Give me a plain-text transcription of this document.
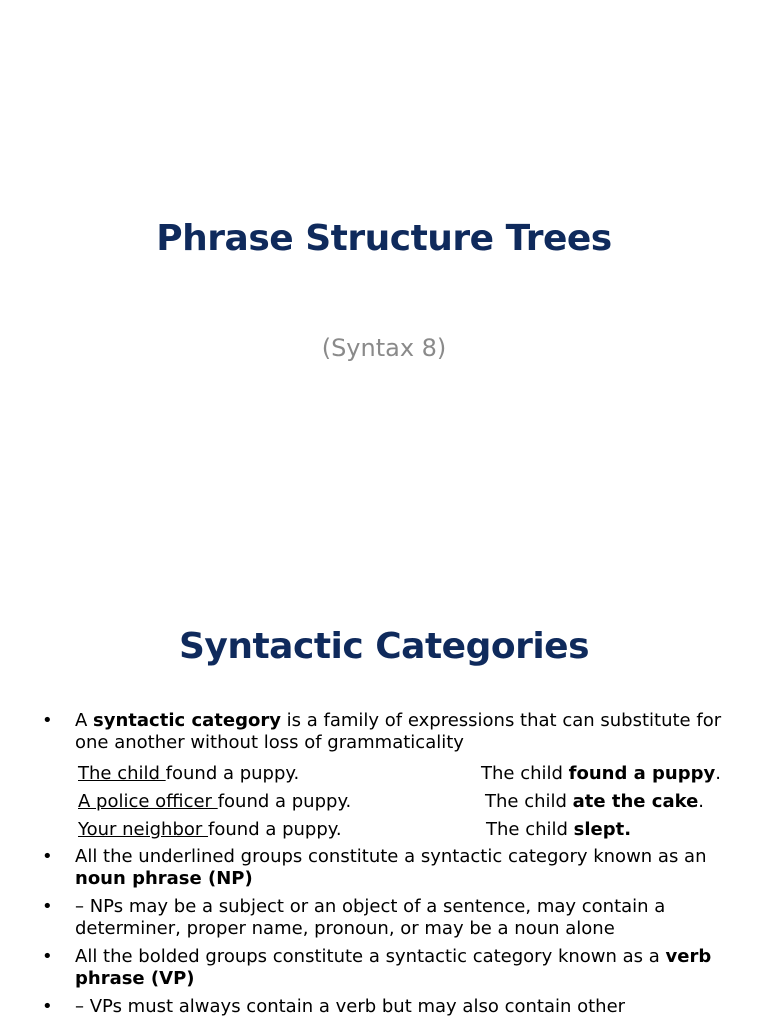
Phrase Structure Trees
(Syntax 8)
Syntactic Categories
• A syntactic category is a family of expressions that can substitute for one another without loss of grammaticality
The child found a puppy.	The child found a puppy.
A police officer found a puppy.	The child ate the cake.
Your neighbor found a puppy.	The child slept.
• All the underlined groups constitute a syntactic category known as an noun phrase (NP)
• – NPs may be a subject or an object of a sentence, may contain a determiner, proper name, pronoun, or may be a noun alone
• All the bolded groups constitute a syntactic category known as a verb phrase (VP)
• – VPs must always contain a verb but may also contain other
